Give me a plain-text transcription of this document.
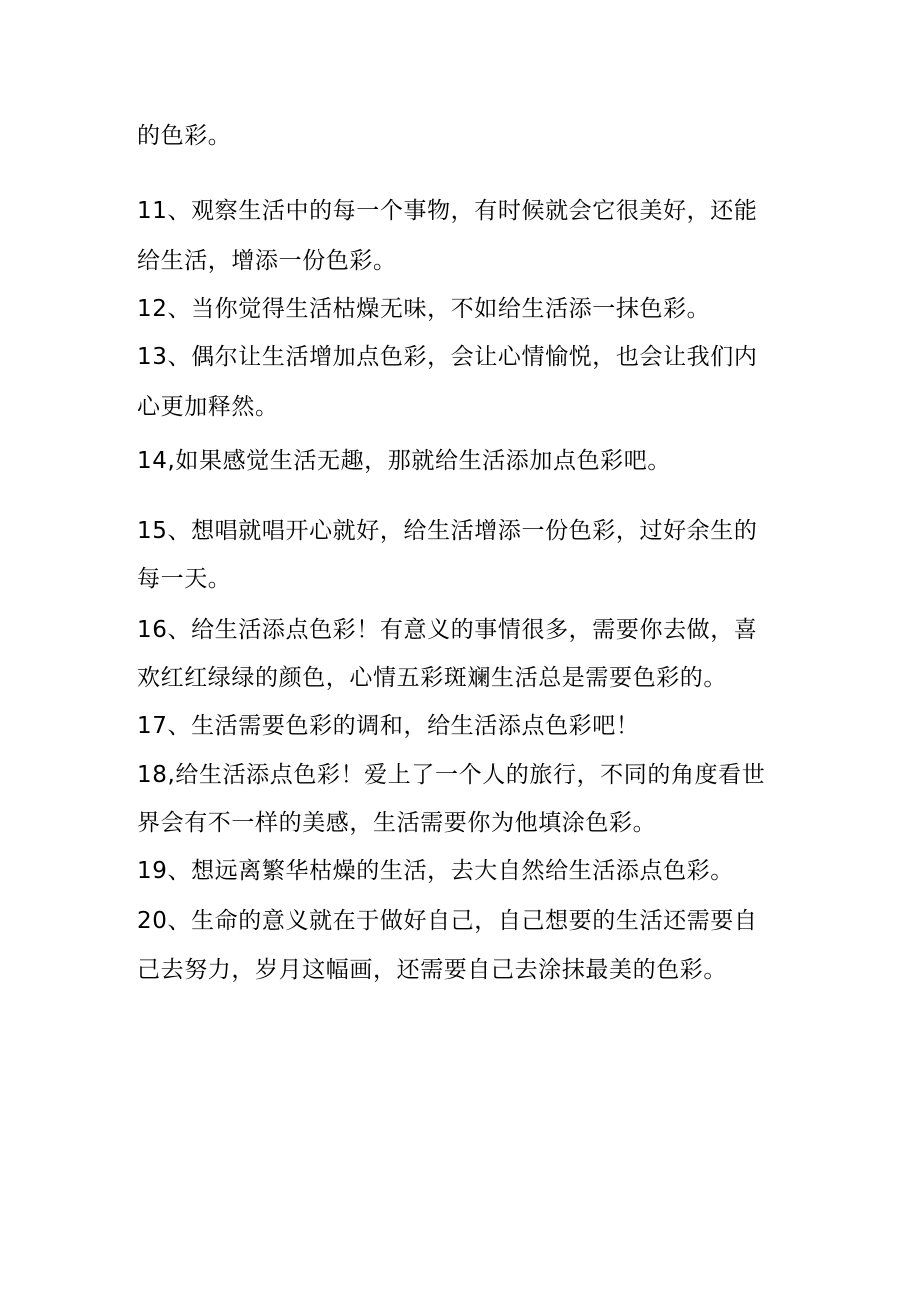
的色彩。
11、观察生活中的每一个事物，有时候就会它很美好，还能
给生活，增添一份色彩。
12、当你觉得生活枯燥无味，不如给生活添一抹色彩。
13、偶尔让生活增加点色彩，会让心情愉悦，也会让我们内
心更加释然。
14,如果感觉生活无趣，那就给生活添加点色彩吧。
15、想唱就唱开心就好，给生活增添一份色彩，过好余生的
每一天。
16、给生活添点色彩！有意义的事情很多，需要你去做，喜
欢红红绿绿的颜色，心情五彩斑斓生活总是需要色彩的。
17、生活需要色彩的调和，给生活添点色彩吧！
18,给生活添点色彩！爱上了一个人的旅行，不同的角度看世
界会有不一样的美感，生活需要你为他填涂色彩。
19、想远离繁华枯燥的生活，去大自然给生活添点色彩。
20、生命的意义就在于做好自己，自己想要的生活还需要自
己去努力，岁月这幅画，还需要自己去涂抹最美的色彩。
